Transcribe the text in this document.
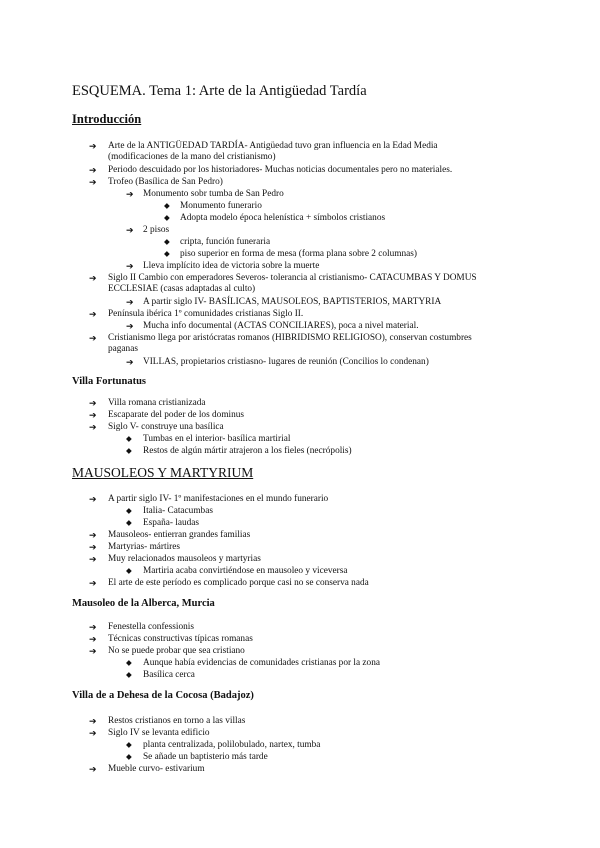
ESQUEMA. Tema 1: Arte de la Antigüedad Tardía
Introducción
➔ Arte de la ANTIGÜEDAD TARDÍA- Antigüedad tuvo gran influencia en la Edad Media
(modificaciones de la mano del cristianismo)
➔ Periodo descuidado por los historiadores- Muchas noticias documentales pero no materiales.
➔ Trofeo (Basílica de San Pedro)
➔ Monumento sobr tumba de San Pedro
◆ Monumento funerario
◆ Adopta modelo época helenística + símbolos cristianos
➔ 2 pisos
◆ cripta, función funeraria
◆ piso superior en forma de mesa (forma plana sobre 2 columnas)
➔ Lleva implícito idea de victoria sobre la muerte
➔ Siglo II Cambio con emperadores Severos- tolerancia al cristianismo- CATACUMBAS Y DOMUS
ECCLESIAE (casas adaptadas al culto)
➔ A partir siglo IV- BASÍLICAS, MAUSOLEOS, BAPTISTERIOS, MARTYRIA
➔ Península ibérica 1º comunidades cristianas Siglo II.
➔ Mucha info documental (ACTAS CONCILIARES), poca a nivel material.
➔ Cristianismo llega por aristócratas romanos (HIBRIDISMO RELIGIOSO), conservan costumbres
paganas
➔ VILLAS, propietarios cristiasno- lugares de reunión (Concilios lo condenan)
Villa Fortunatus
➔ Villa romana cristianizada
➔ Escaparate del poder de los dominus
➔ Siglo V- construye una basílica
◆ Tumbas en el interior- basílica martirial
◆ Restos de algún mártir atrajeron a los fieles (necrópolis)
MAUSOLEOS Y MARTYRIUM
➔ A partir siglo IV- 1º manifestaciones en el mundo funerario
◆ Italia- Catacumbas
◆ España- laudas
➔ Mausoleos- entierran grandes familias
➔ Martyrias- mártires
➔ Muy relacionados mausoleos y martyrias
◆ Martiria acaba convirtiéndose en mausoleo y viceversa
➔ El arte de este período es complicado porque casi no se conserva nada
Mausoleo de la Alberca, Murcia
➔ Fenestella confessionis
➔ Técnicas constructivas típicas romanas
➔ No se puede probar que sea cristiano
◆ Aunque había evidencias de comunidades cristianas por la zona
◆ Basílica cerca
Villa de a Dehesa de la Cocosa (Badajoz)
➔ Restos cristianos en torno a las villas
➔ Siglo IV se levanta edificio
◆ planta centralizada, polilobulado, nartex, tumba
◆ Se añade un baptisterio más tarde
➔ Mueble curvo- estivarium
